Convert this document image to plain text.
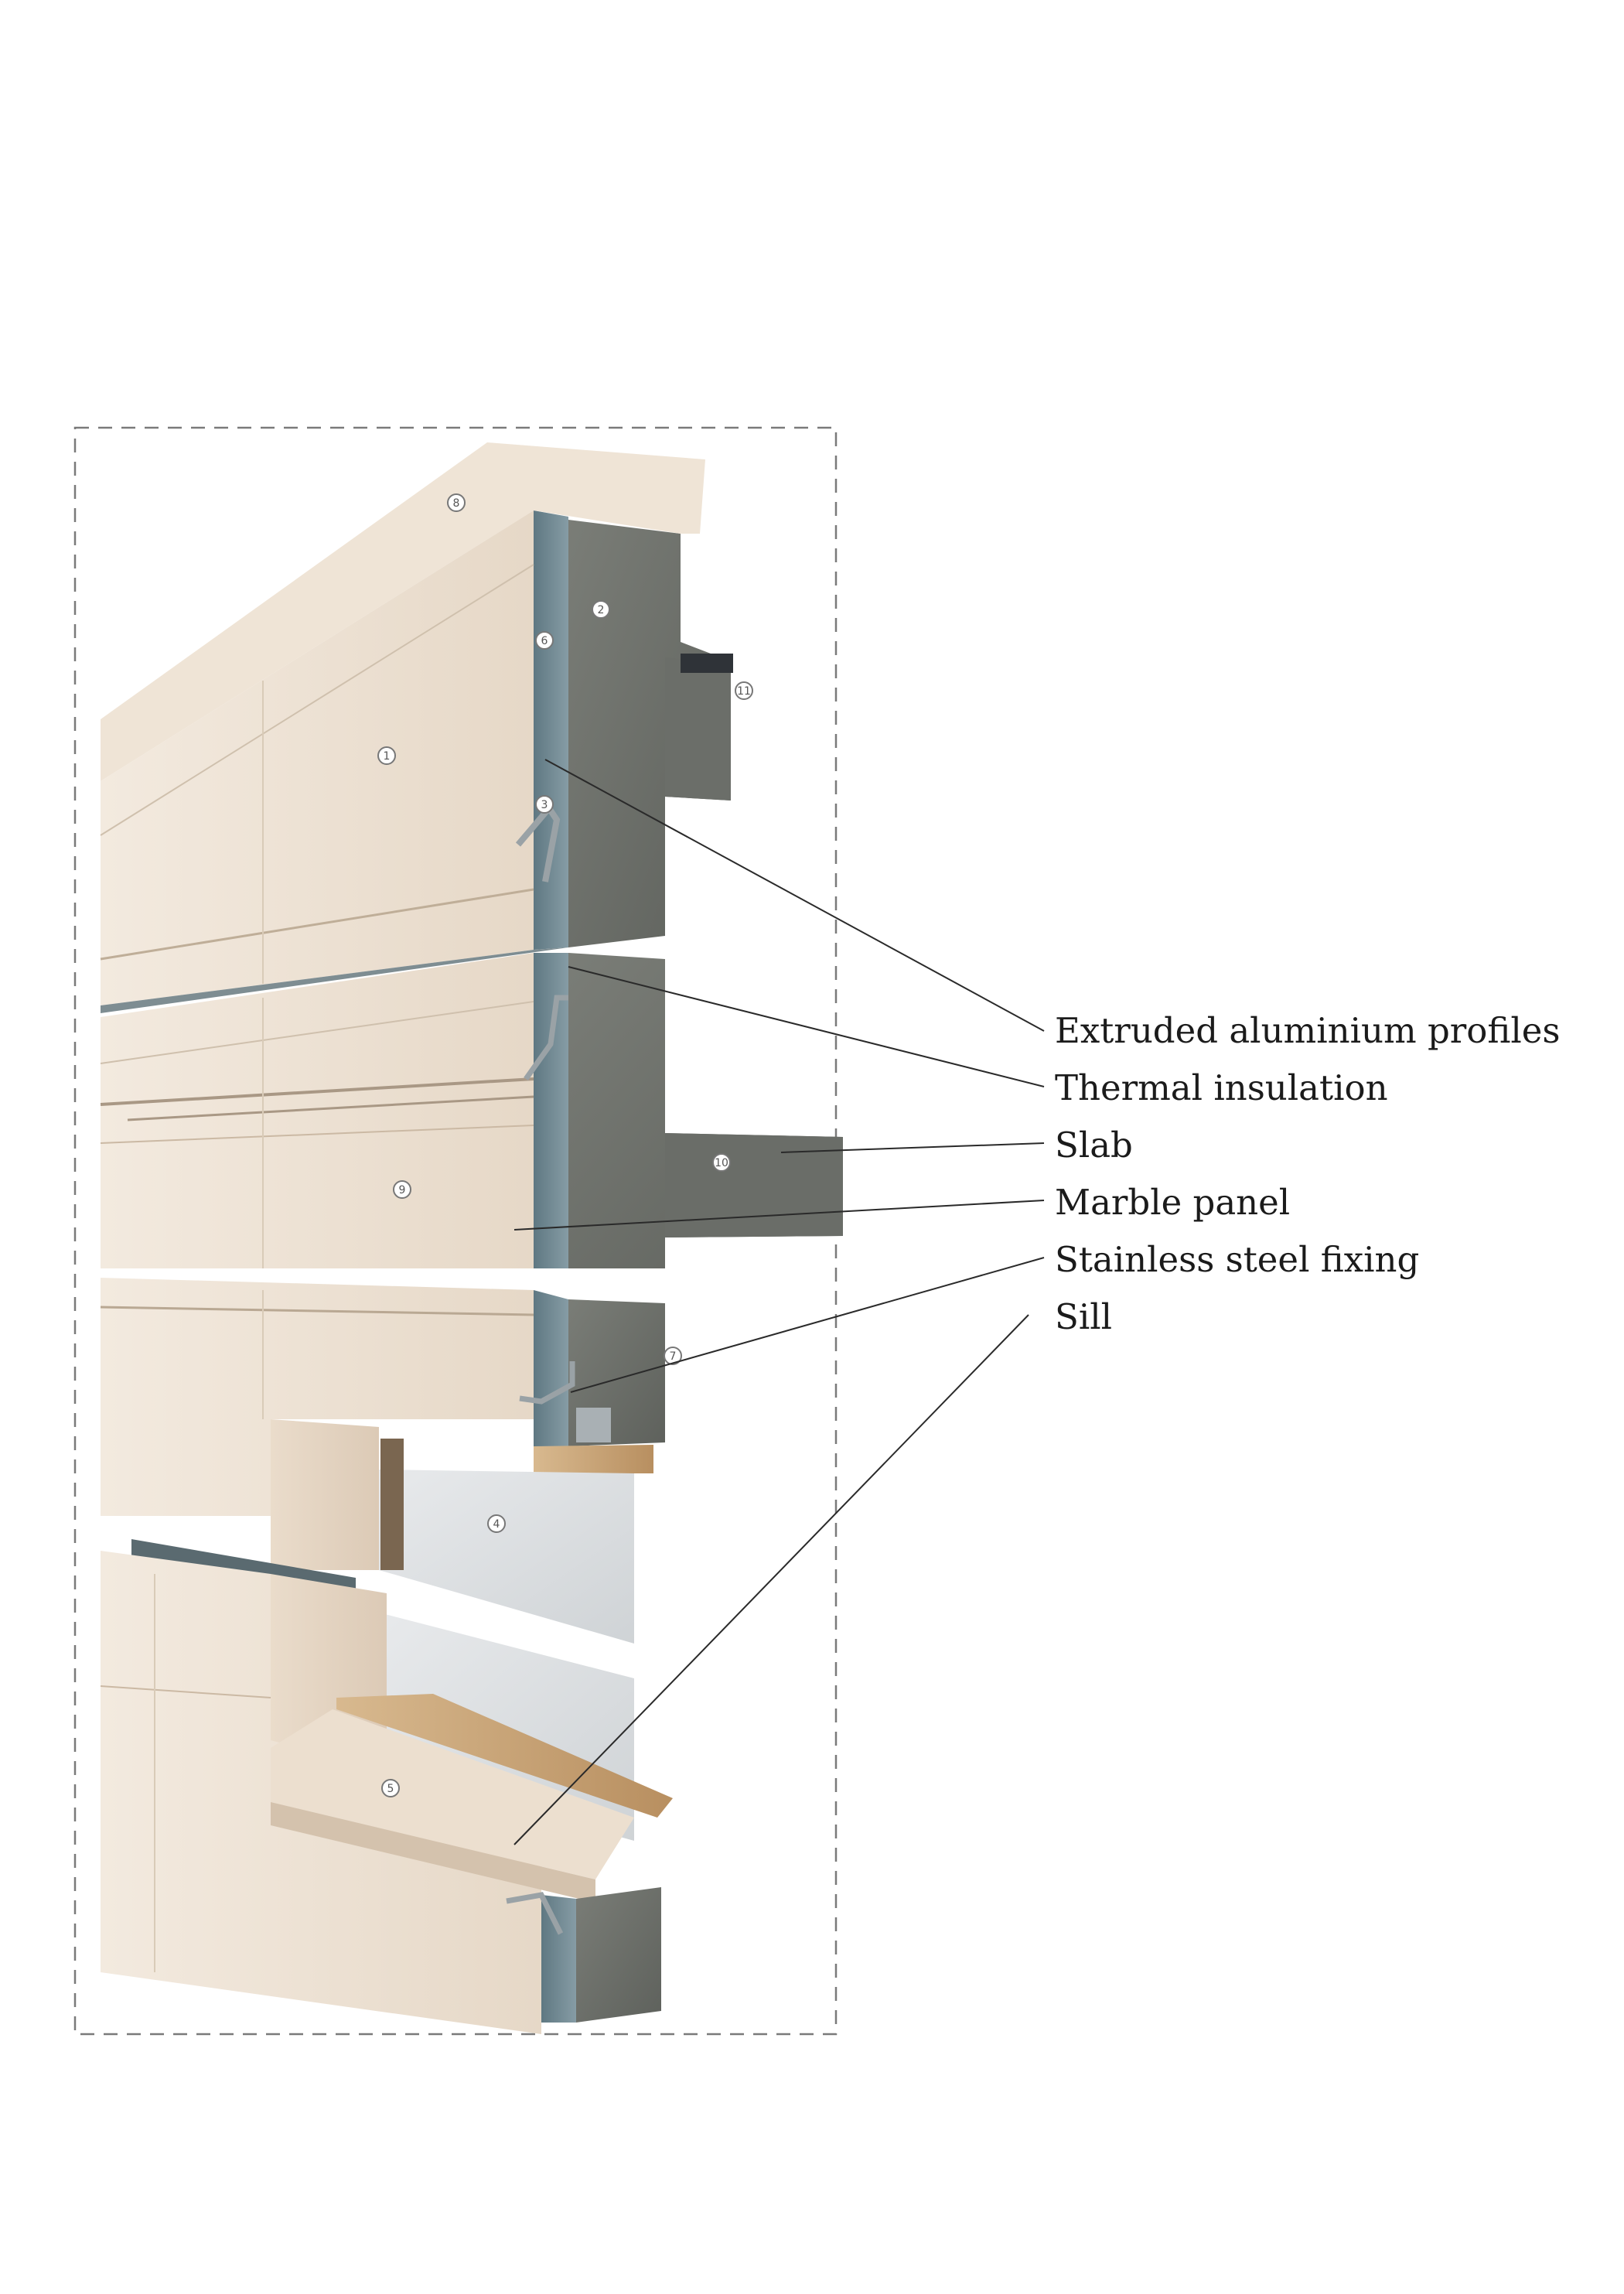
1
2
3
4
5
6
7
8
9
10
11
Extruded aluminium profiles
Thermal insulation
Slab
Marble panel
Stainless steel fixing
Sill
